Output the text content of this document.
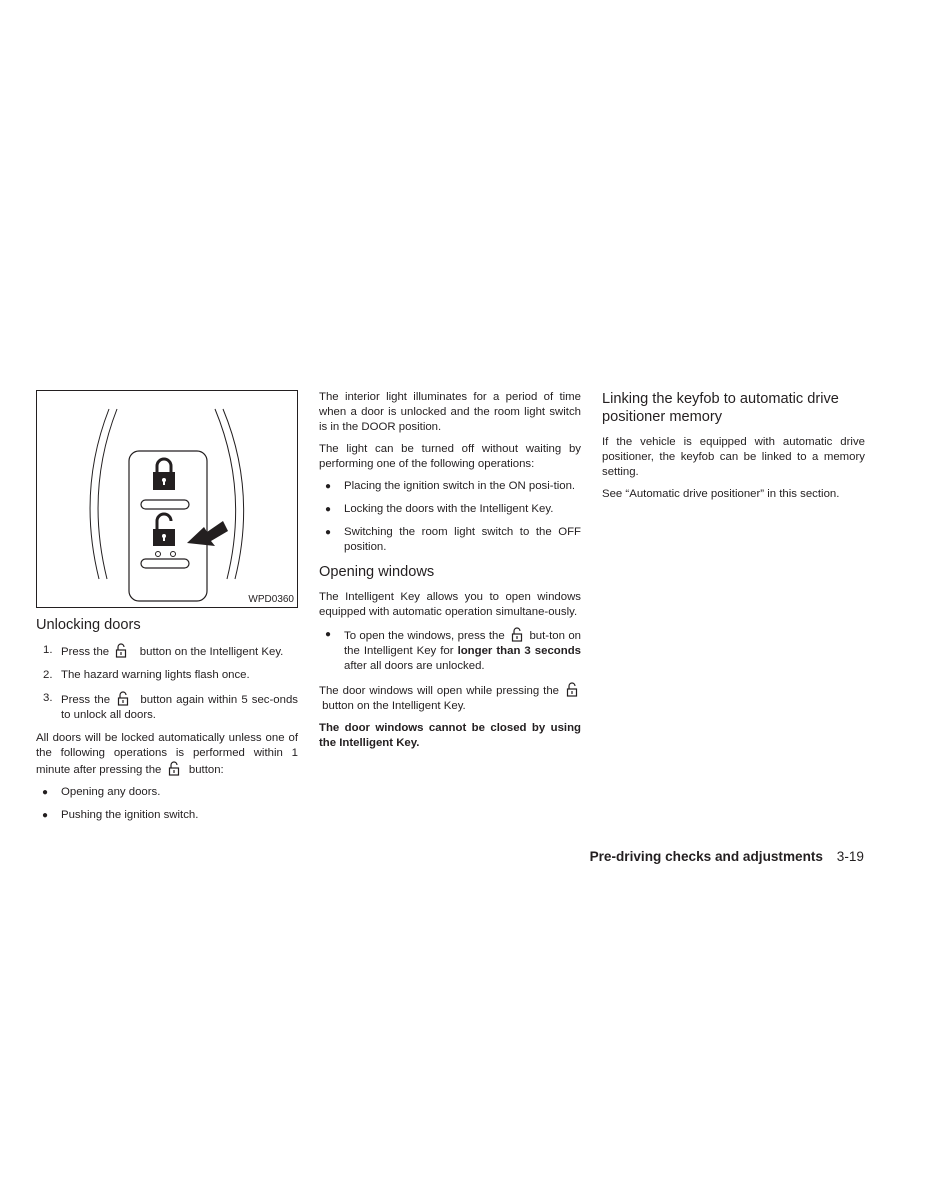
WPD0360
Unlocking doors
1. Press the	button on the Intelligent Key.
2. The hazard warning lights flash once.
3. Press the	button again within 5 sec-onds to unlock all doors.

All doors will be locked automatically unless one of the following operations is performed within 1 minute after pressing the button:

● Opening any doors.
● Pushing the ignition switch.

The interior light illuminates for a period of time when a door is unlocked and the room light switch is in the DOOR position.

The light can be turned off without waiting by performing one of the following operations:

● Placing the ignition switch in the ON posi-tion.
● Locking the doors with the Intelligent Key.
● Switching the room light switch to the OFF position.
Opening windows

The Intelligent Key allows you to open windows equipped with automatic operation simultane-ously.

● To open the windows, press the but-ton on the Intelligent Key for longer than 3 seconds after all doors are unlocked.

The door windows will open while pressing the   button on the Intelligent Key.

The door windows cannot be closed by using the Intelligent Key.

Linking the keyfob to automatic drive positioner memory

If the vehicle is equipped with automatic drive positioner, the keyfob can be linked to a memory setting.

See “Automatic drive positioner” in this section.

Pre-driving checks and adjustments 3-19
